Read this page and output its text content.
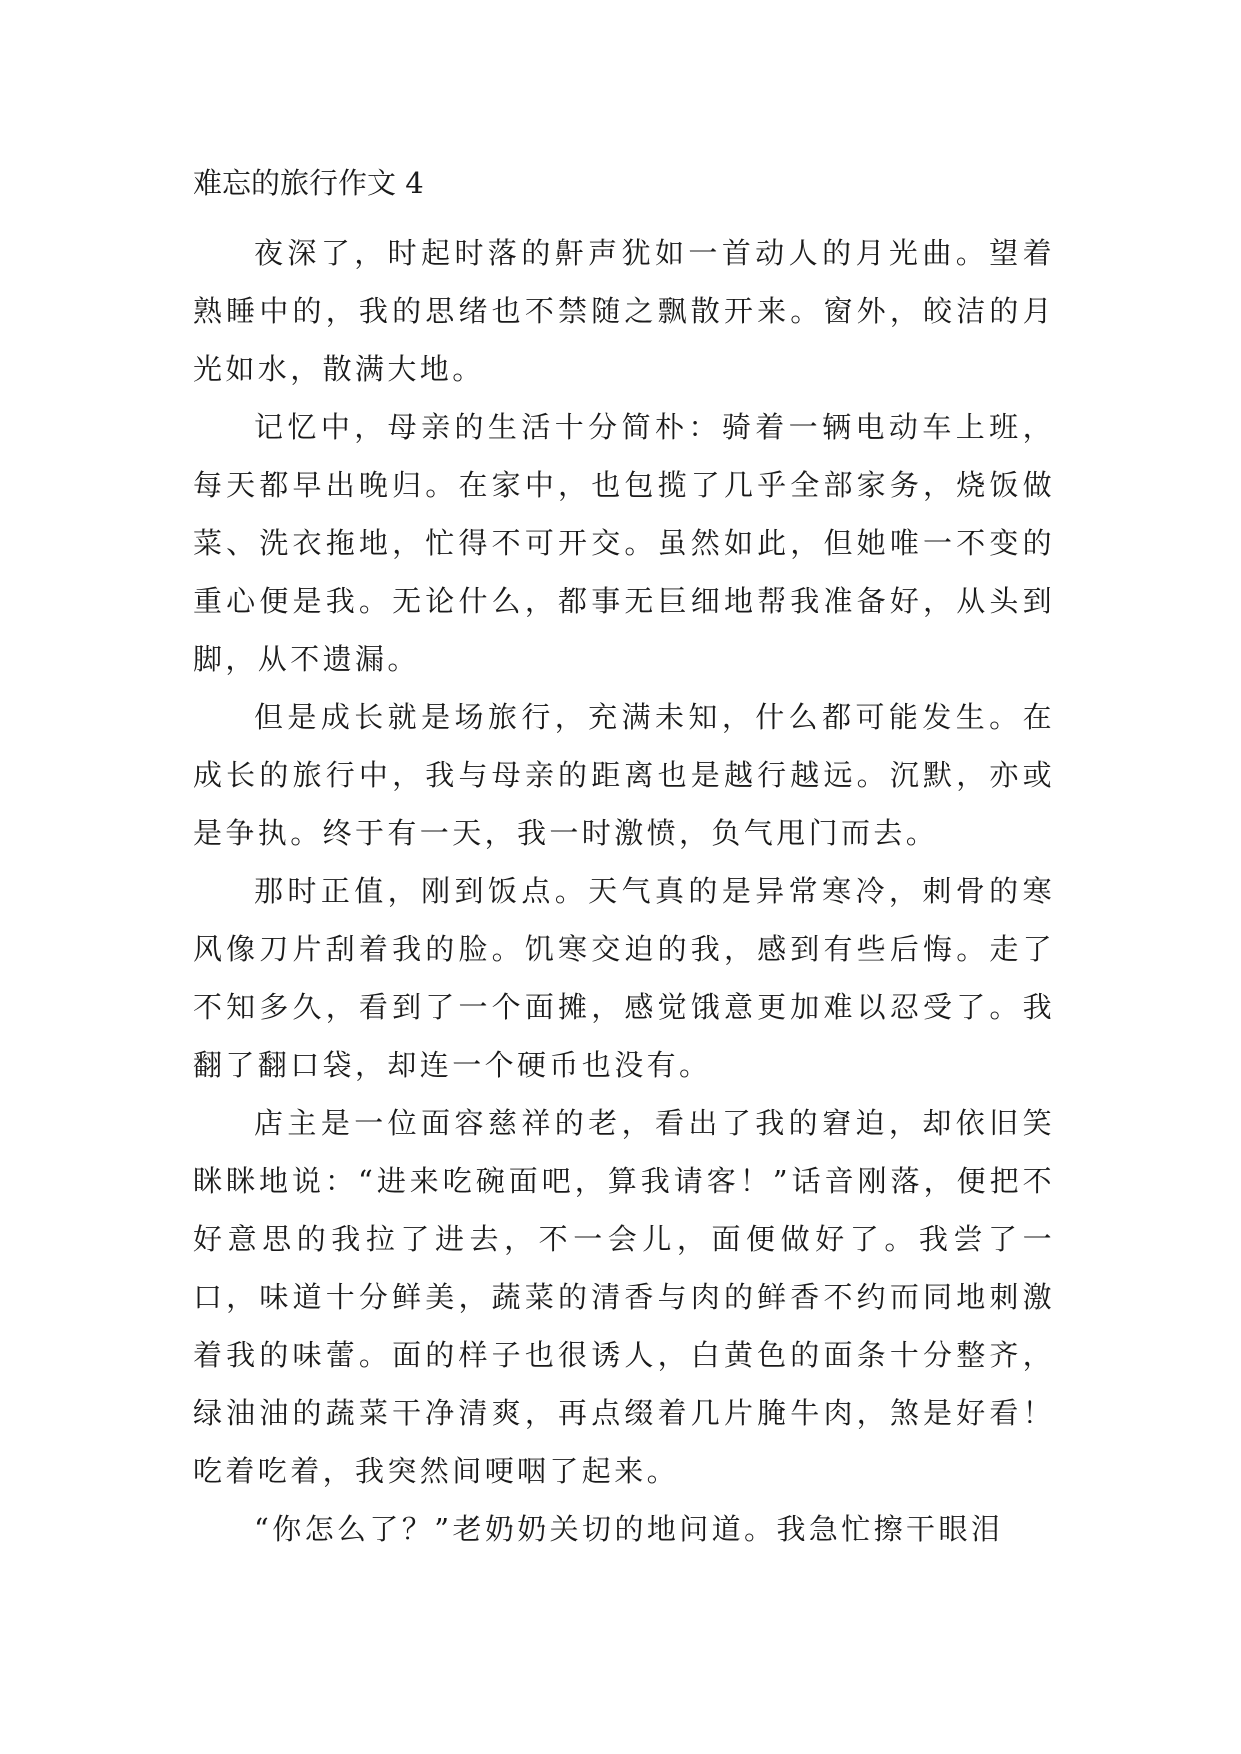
难忘的旅行作文 4

夜深了，时起时落的鼾声犹如一首动人的月光曲。望着熟睡中的，我的思绪也不禁随之飘散开来。窗外，皎洁的月光如水，散满大地。

记忆中，母亲的生活十分简朴：骑着一辆电动车上班，每天都早出晚归。在家中，也包揽了几乎全部家务，烧饭做菜、洗衣拖地，忙得不可开交。虽然如此，但她唯一不变的重心便是我。无论什么，都事无巨细地帮我准备好，从头到脚，从不遗漏。

但是成长就是场旅行，充满未知，什么都可能发生。在成长的旅行中，我与母亲的距离也是越行越远。沉默，亦或是争执。终于有一天，我一时激愤，负气甩门而去。

那时正值，刚到饭点。天气真的是异常寒冷，刺骨的寒风像刀片刮着我的脸。饥寒交迫的我，感到有些后悔。走了不知多久，看到了一个面摊，感觉饿意更加难以忍受了。我翻了翻口袋，却连一个硬币也没有。

店主是一位面容慈祥的老，看出了我的窘迫，却依旧笑眯眯地说：“进来吃碗面吧，算我请客！”话音刚落，便把不好意思的我拉了进去，不一会儿，面便做好了。我尝了一口，味道十分鲜美，蔬菜的清香与肉的鲜香不约而同地刺激着我的味蕾。面的样子也很诱人，白黄色的面条十分整齐，绿油油的蔬菜干净清爽，再点缀着几片腌牛肉，煞是好看！吃着吃着，我突然间哽咽了起来。

“你怎么了？”老奶奶关切的地问道。我急忙擦干眼泪
